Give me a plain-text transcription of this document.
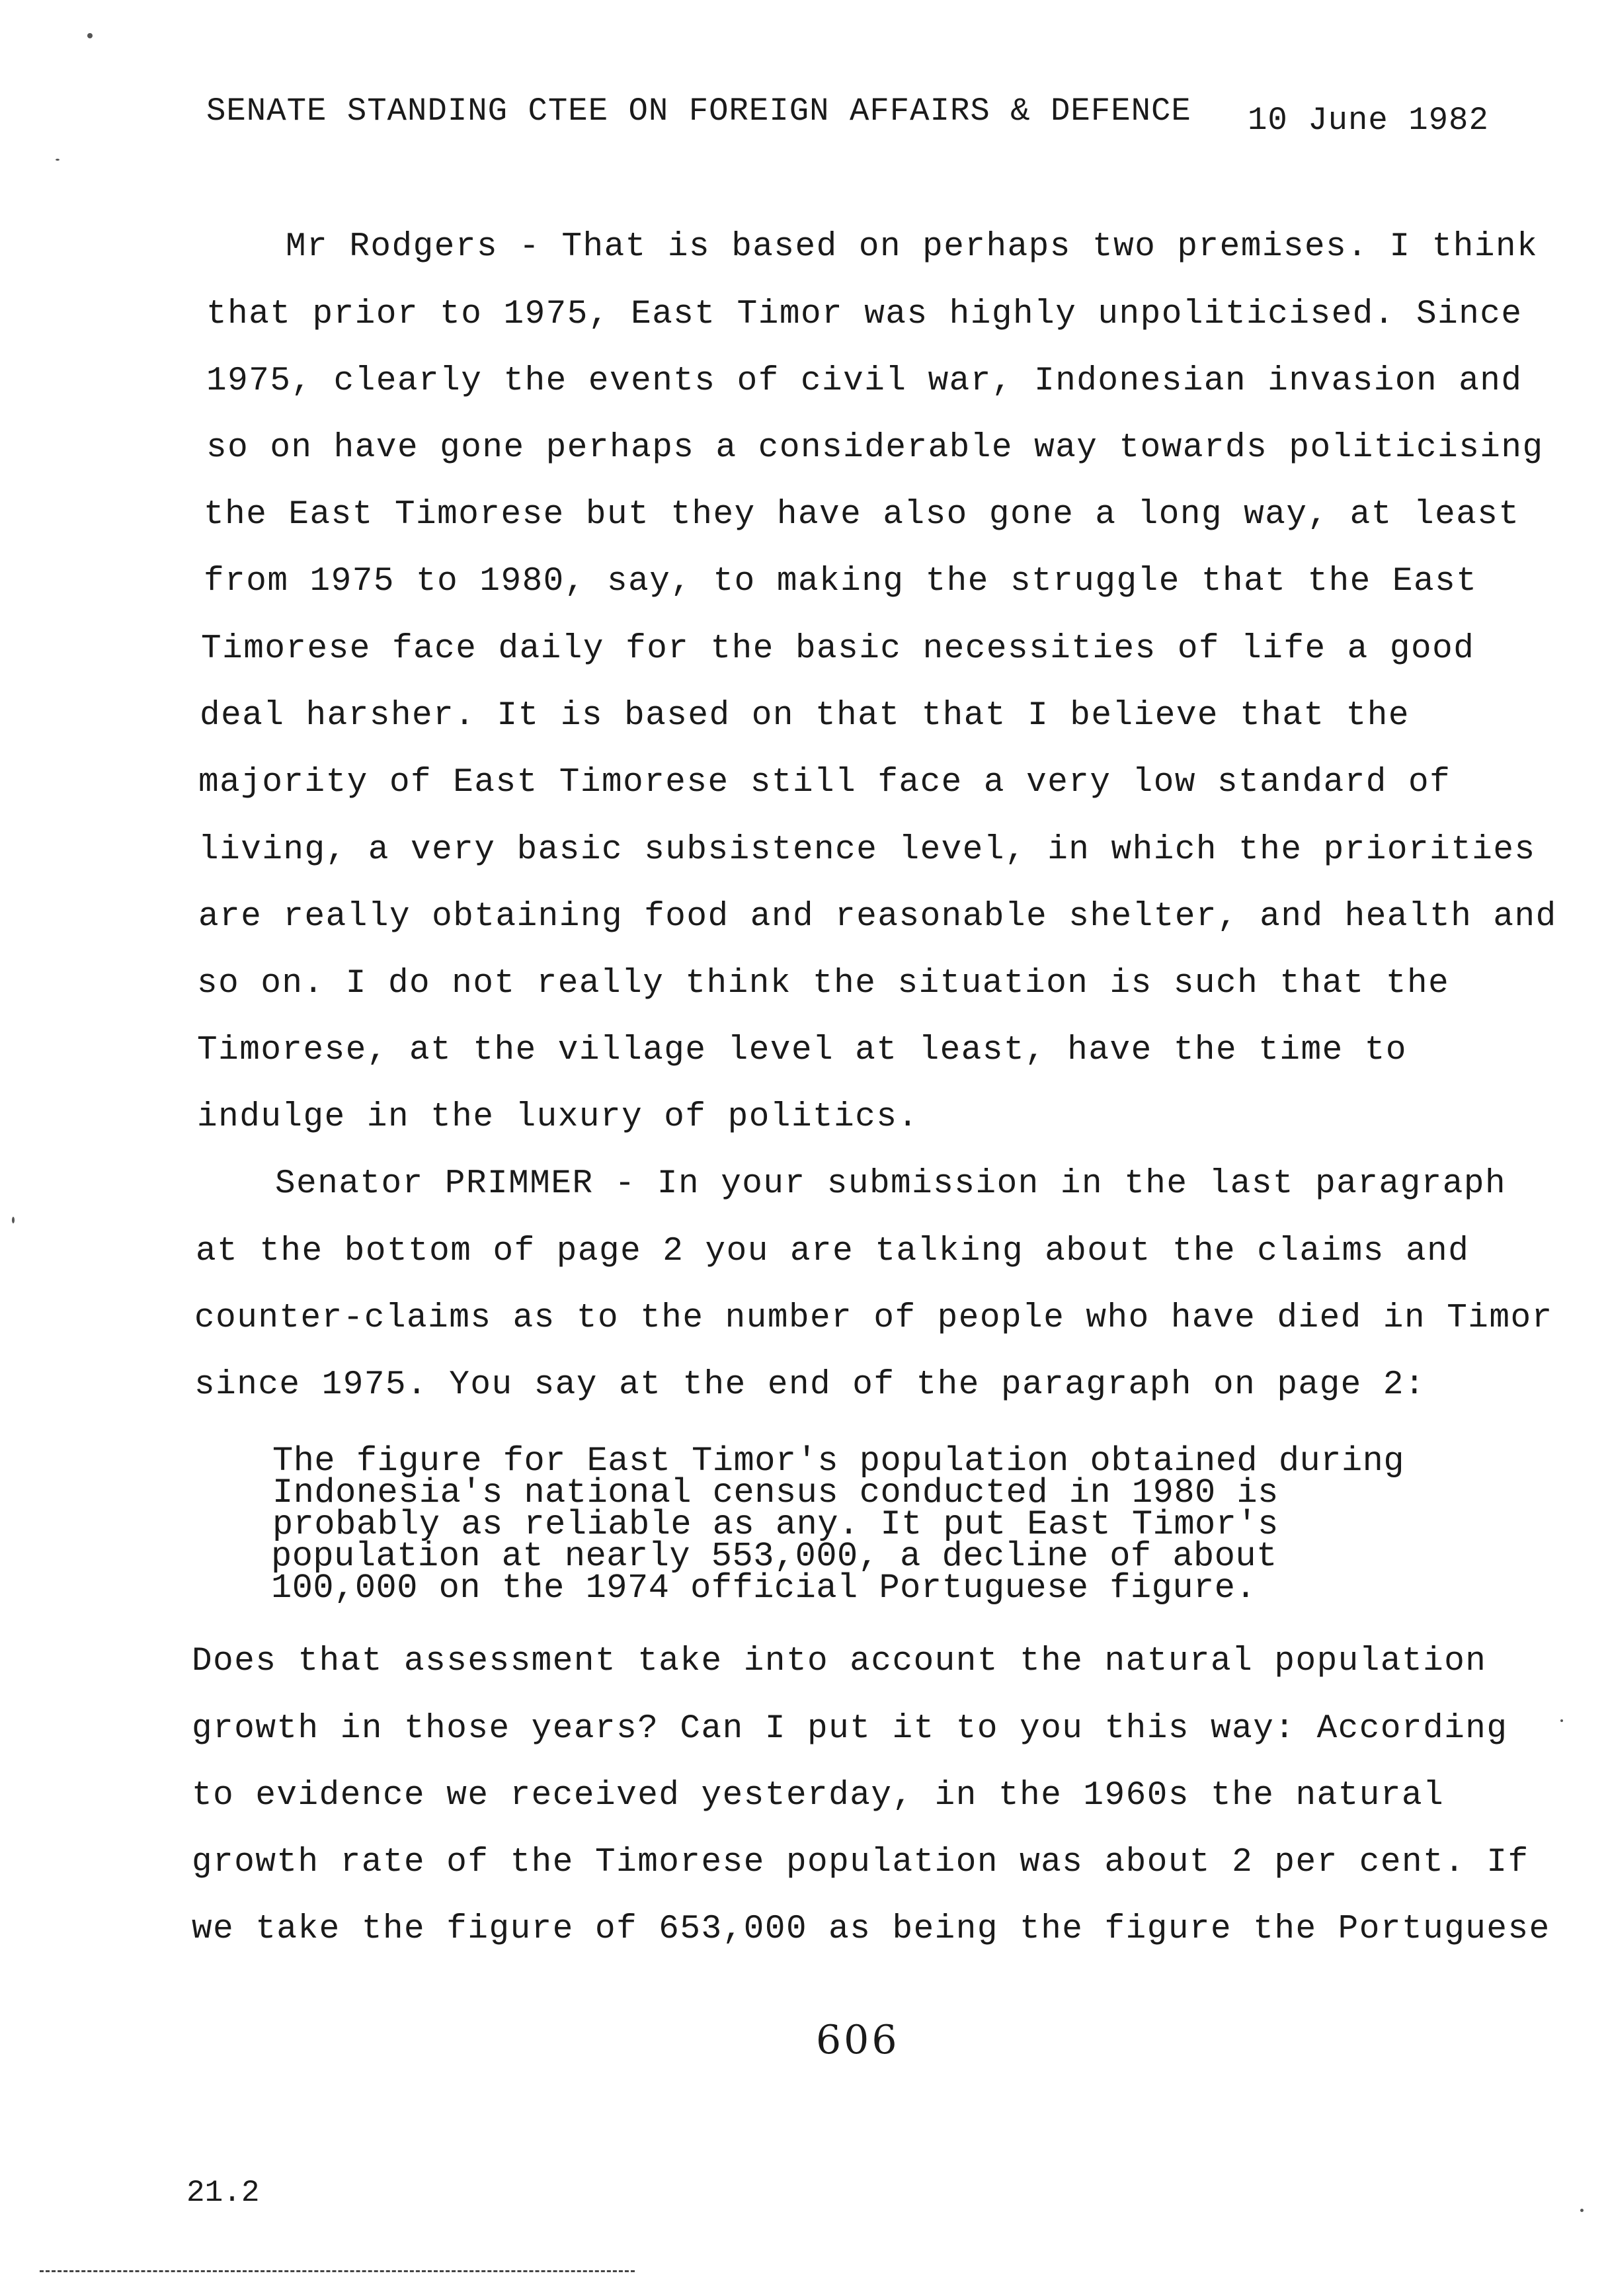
SENATE STANDING CTEE ON FOREIGN AFFAIRS & DEFENCE 10 June 1982
Mr Rodgers - That is based on perhaps two premises. I think
that prior to 1975, East Timor was highly unpoliticised. Since
1975, clearly the events of civil war, Indonesian invasion and
so on have gone perhaps a considerable way towards politicising
the East Timorese but they have also gone a long way, at least
from 1975 to 1980, say, to making the struggle that the East
Timorese face daily for the basic necessities of life a good
deal harsher. It is based on that that I believe that the
majority of East Timorese still face a very low standard of
living, a very basic subsistence level, in which the priorities
are really obtaining food and reasonable shelter, and health and
so on. I do not really think the situation is such that the
Timorese, at the village level at least, have the time to
indulge in the luxury of politics.
Senator PRIMMER - In your submission in the last paragraph
at the bottom of page 2 you are talking about the claims and
counter-claims as to the number of people who have died in Timor
since 1975. You say at the end of the paragraph on page 2:
The figure for East Timor's population obtained during
Indonesia's national census conducted in 1980 is
probably as reliable as any. It put East Timor's
population at nearly 553,000, a decline of about
100,000 on the 1974 official Portuguese figure.
Does that assessment take into account the natural population
growth in those years? Can I put it to you this way: According
to evidence we received yesterday, in the 1960s the natural
growth rate of the Timorese population was about 2 per cent. If
we take the figure of 653,000 as being the figure the Portuguese
606
21.2
